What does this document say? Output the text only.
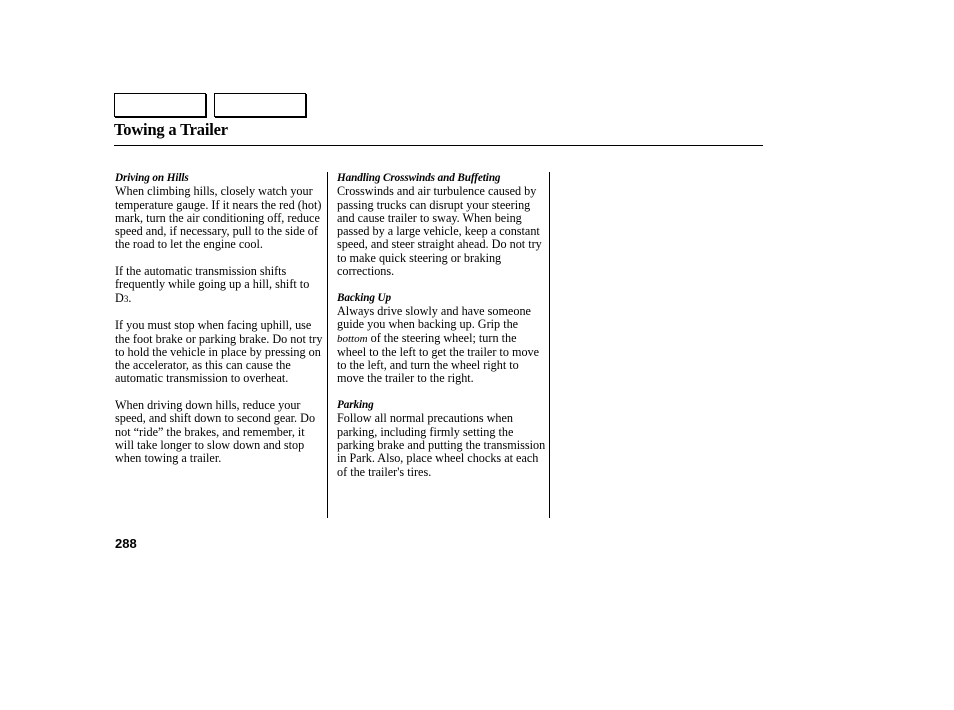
Towing a Trailer
Driving on Hills

When climbing hills, closely watch your temperature gauge. If it nears the red (hot) mark, turn the air conditioning off, reduce speed and, if necessary, pull to the side of the road to let the engine cool.

If the automatic transmission shifts frequently while going up a hill, shift to D3.

If you must stop when facing uphill, use the foot brake or parking brake. Do not try to hold the vehicle in place by pressing on the accelerator, as this can cause the automatic transmission to overheat.

When driving down hills, reduce your speed, and shift down to second gear. Do not “ride” the brakes, and remember, it will take longer to slow down and stop when towing a trailer.

Handling Crosswinds and Buffeting

Crosswinds and air turbulence caused by passing trucks can disrupt your steering and cause trailer to sway. When being passed by a large vehicle, keep a constant speed, and steer straight ahead. Do not try to make quick steering or braking corrections.

Backing Up

Always drive slowly and have someone guide you when backing up. Grip the bottom of the steering wheel; turn the wheel to the left to get the trailer to move to the left, and turn the wheel right to move the trailer to the right.

Parking

Follow all normal precautions when parking, including firmly setting the parking brake and putting the transmission in Park. Also, place wheel chocks at each of the trailer's tires.

288
